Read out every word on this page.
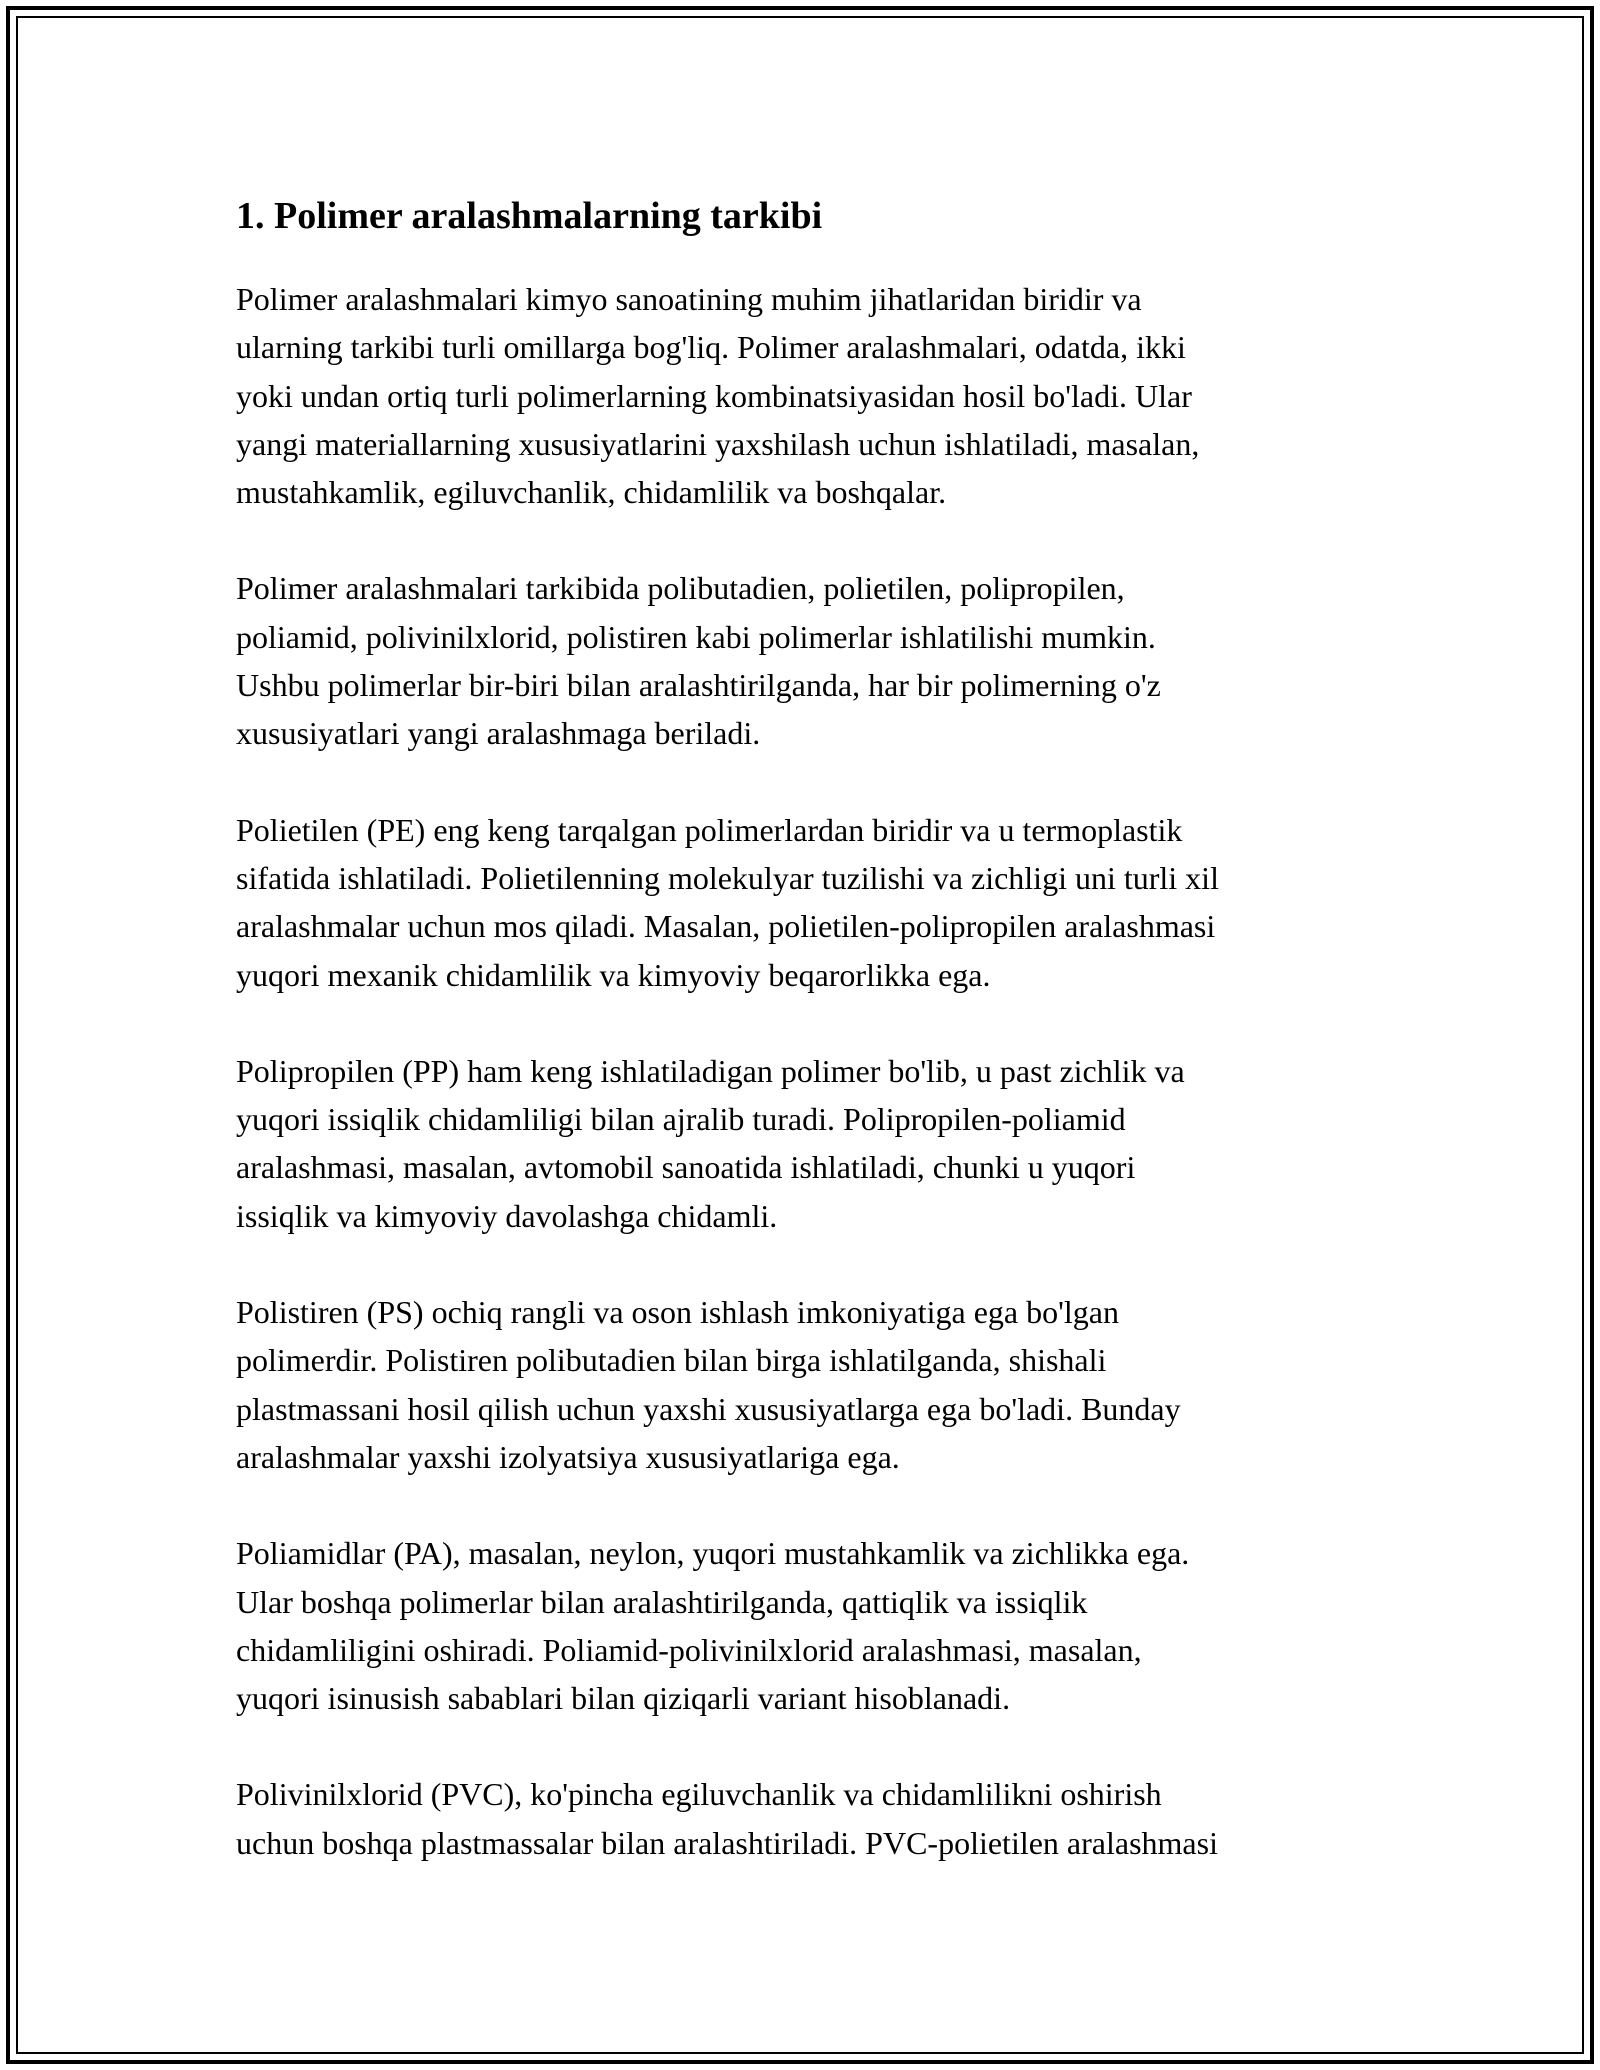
1. Polimer aralashmalarning tarkibi

Polimer aralashmalari kimyo sanoatining muhim jihatlaridan biridir va
ularning tarkibi turli omillarga bog'liq. Polimer aralashmalari, odatda, ikki
yoki undan ortiq turli polimerlarning kombinatsiyasidan hosil bo'ladi. Ular
yangi materiallarning xususiyatlarini yaxshilash uchun ishlatiladi, masalan,
mustahkamlik, egiluvchanlik, chidamlilik va boshqalar.

Polimer aralashmalari tarkibida polibutadien, polietilen, polipropilen,
poliamid, polivinilxlorid, polistiren kabi polimerlar ishlatilishi mumkin.
Ushbu polimerlar bir-biri bilan aralashtirilganda, har bir polimerning o'z
xususiyatlari yangi aralashmaga beriladi.

Polietilen (PE) eng keng tarqalgan polimerlardan biridir va u termoplastik
sifatida ishlatiladi. Polietilenning molekulyar tuzilishi va zichligi uni turli xil
aralashmalar uchun mos qiladi. Masalan, polietilen-polipropilen aralashmasi
yuqori mexanik chidamlilik va kimyoviy beqarorlikka ega.

Polipropilen (PP) ham keng ishlatiladigan polimer bo'lib, u past zichlik va
yuqori issiqlik chidamliligi bilan ajralib turadi. Polipropilen-poliamid
aralashmasi, masalan, avtomobil sanoatida ishlatiladi, chunki u yuqori
issiqlik va kimyoviy davolashga chidamli.

Polistiren (PS) ochiq rangli va oson ishlash imkoniyatiga ega bo'lgan
polimerdir. Polistiren polibutadien bilan birga ishlatilganda, shishali
plastmassani hosil qilish uchun yaxshi xususiyatlarga ega bo'ladi. Bunday
aralashmalar yaxshi izolyatsiya xususiyatlariga ega.

Poliamidlar (PA), masalan, neylon, yuqori mustahkamlik va zichlikka ega.
Ular boshqa polimerlar bilan aralashtirilganda, qattiqlik va issiqlik
chidamliligini oshiradi. Poliamid-polivinilxlorid aralashmasi, masalan,
yuqori isinusish sabablari bilan qiziqarli variant hisoblanadi.

Polivinilxlorid (PVC), ko'pincha egiluvchanlik va chidamlilikni oshirish
uchun boshqa plastmassalar bilan aralashtiriladi. PVC-polietilen aralashmasi
